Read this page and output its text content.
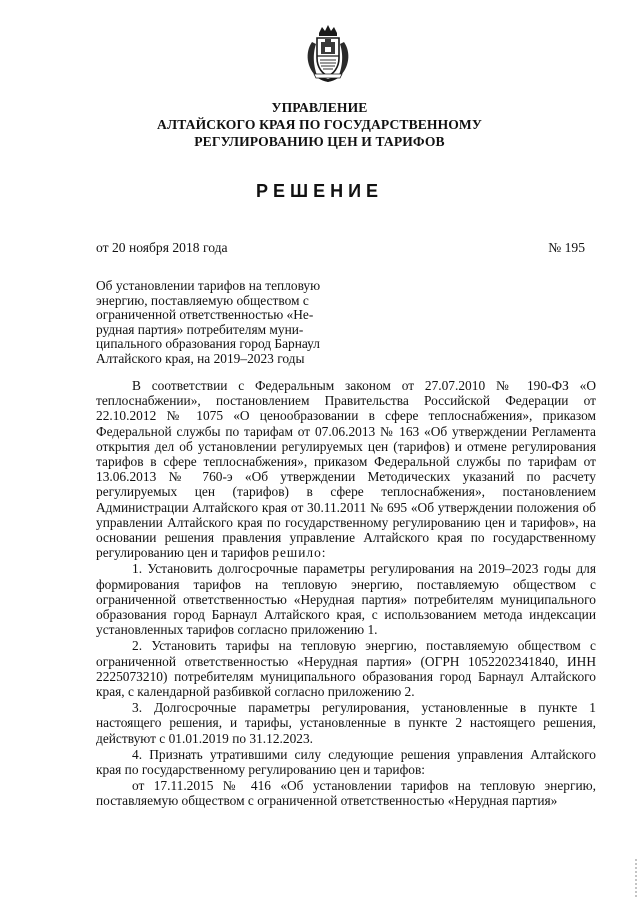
УПРАВЛЕНИЕ
АЛТАЙСКОГО КРАЯ ПО ГОСУДАРСТВЕННОМУ
РЕГУЛИРОВАНИЮ ЦЕН И ТАРИФОВ
РЕШЕНИЕ
от 20 ноября 2018 года	№ 195
Об установлении тарифов на тепловую
энергию, поставляемую обществом с
ограниченной ответственностью «Не-
рудная партия» потребителям муни-
ципального образования город Барнаул
Алтайского края, на 2019–2023 годы

В соответствии с Федеральным законом от 27.07.2010 № 190-ФЗ «О теплоснабжении», постановлением Правительства Российской Федерации от 22.10.2012 № 1075 «О ценообразовании в сфере теплоснабжения», приказом Федеральной службы по тарифам от 07.06.2013 № 163 «Об утверждении Регламента открытия дел об установлении регулируемых цен (тарифов) и отмене регулирования тарифов в сфере теплоснабжения», приказом Федеральной службы по тарифам от 13.06.2013 № 760-э «Об утверждении Методических указаний по расчету регулируемых цен (тарифов) в сфере теплоснабжения», постановлением Администрации Алтайского края от 30.11.2011 № 695 «Об утверждении положения об управлении Алтайского края по государственному регулированию цен и тарифов», на основании решения правления управление Алтайского края по государственному регулированию цен и тарифов решило:

1. Установить долгосрочные параметры регулирования на 2019–2023 годы для формирования тарифов на тепловую энергию, поставляемую обществом с ограниченной ответственностью «Нерудная партия» потребителям муниципального образования город Барнаул Алтайского края, с использованием метода индексации установленных тарифов согласно приложению 1.

2. Установить тарифы на тепловую энергию, поставляемую обществом с ограниченной ответственностью «Нерудная партия» (ОГРН 1052202341840, ИНН 2225073210) потребителям муниципального образования город Барнаул Алтайского края, с календарной разбивкой согласно приложению 2.

3. Долгосрочные параметры регулирования, установленные в пункте 1 настоящего решения, и тарифы, установленные в пункте 2 настоящего решения, действуют с 01.01.2019 по 31.12.2023.

4. Признать утратившими силу следующие решения управления Алтайского края по государственному регулированию цен и тарифов:

от 17.11.2015 № 416 «Об установлении тарифов на тепловую энергию, поставляемую обществом с ограниченной ответственностью «Нерудная партия»
